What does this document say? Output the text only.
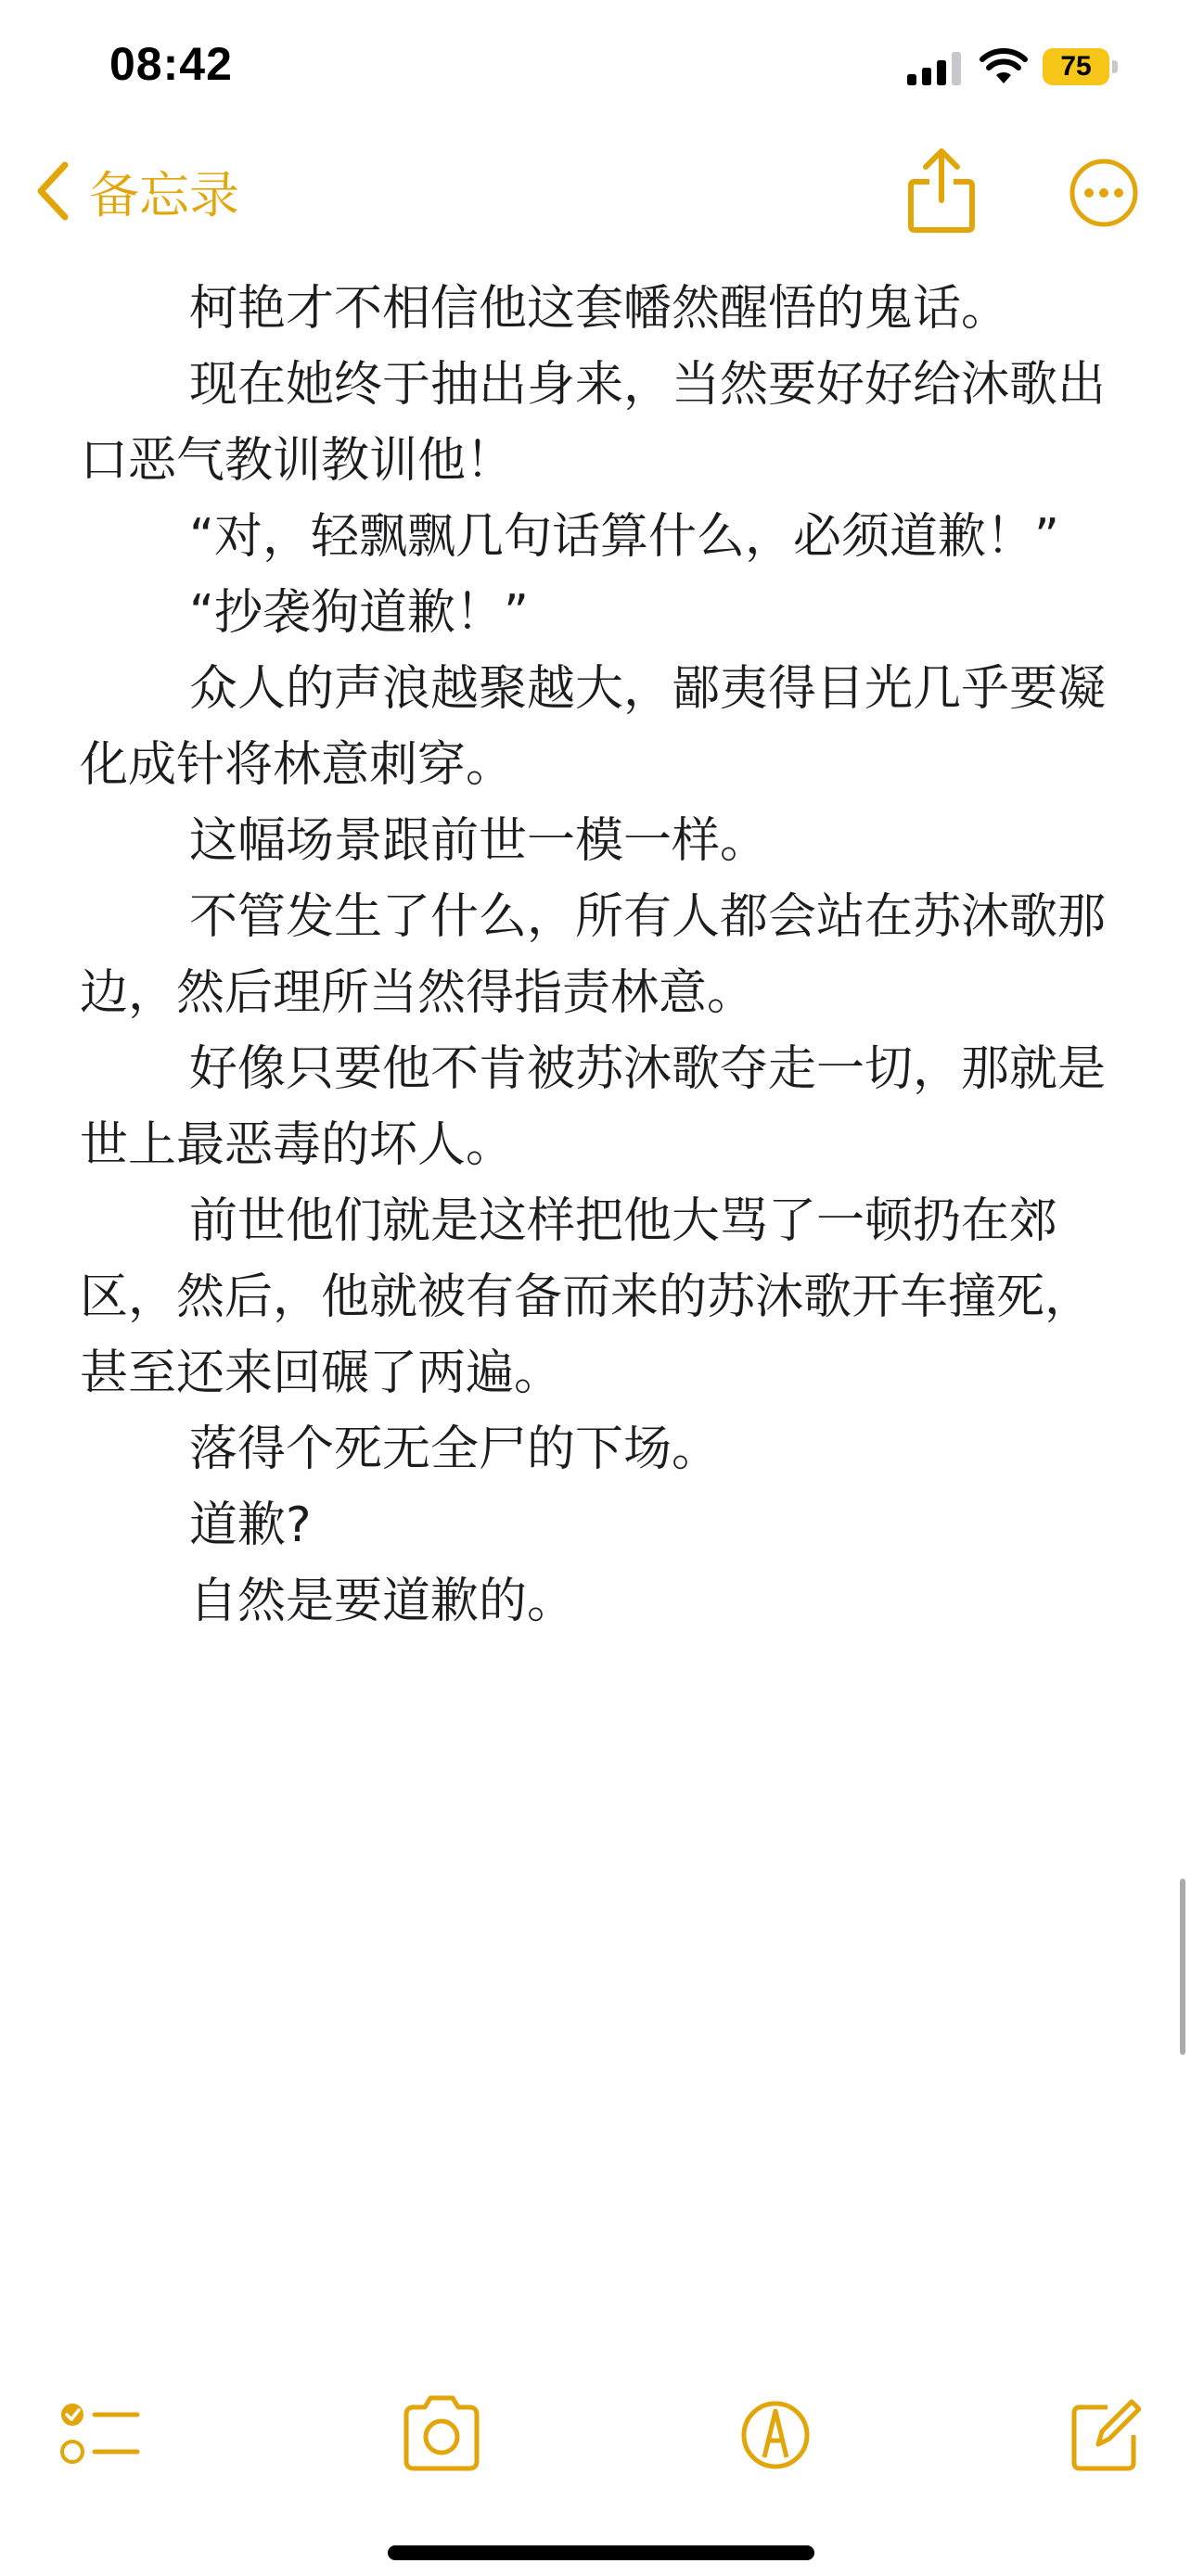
08:42	75
备忘录

柯艳才不相信他这套幡然醒悟的鬼话。

现在她终于抽出身来，当然要好好给沐歌出口恶气教训教训他！

“对，轻飘飘几句话算什么，必须道歉！”

“抄袭狗道歉！”

众人的声浪越聚越大，鄙夷得目光几乎要凝化成针将林意刺穿。

这幅场景跟前世一模一样。

不管发生了什么，所有人都会站在苏沐歌那边，然后理所当然得指责林意。

好像只要他不肯被苏沐歌夺走一切，那就是世上最恶毒的坏人。

前世他们就是这样把他大骂了一顿扔在郊区，然后，他就被有备而来的苏沐歌开车撞死，甚至还来回碾了两遍。

落得个死无全尸的下场。

道歉?

自然是要道歉的。
